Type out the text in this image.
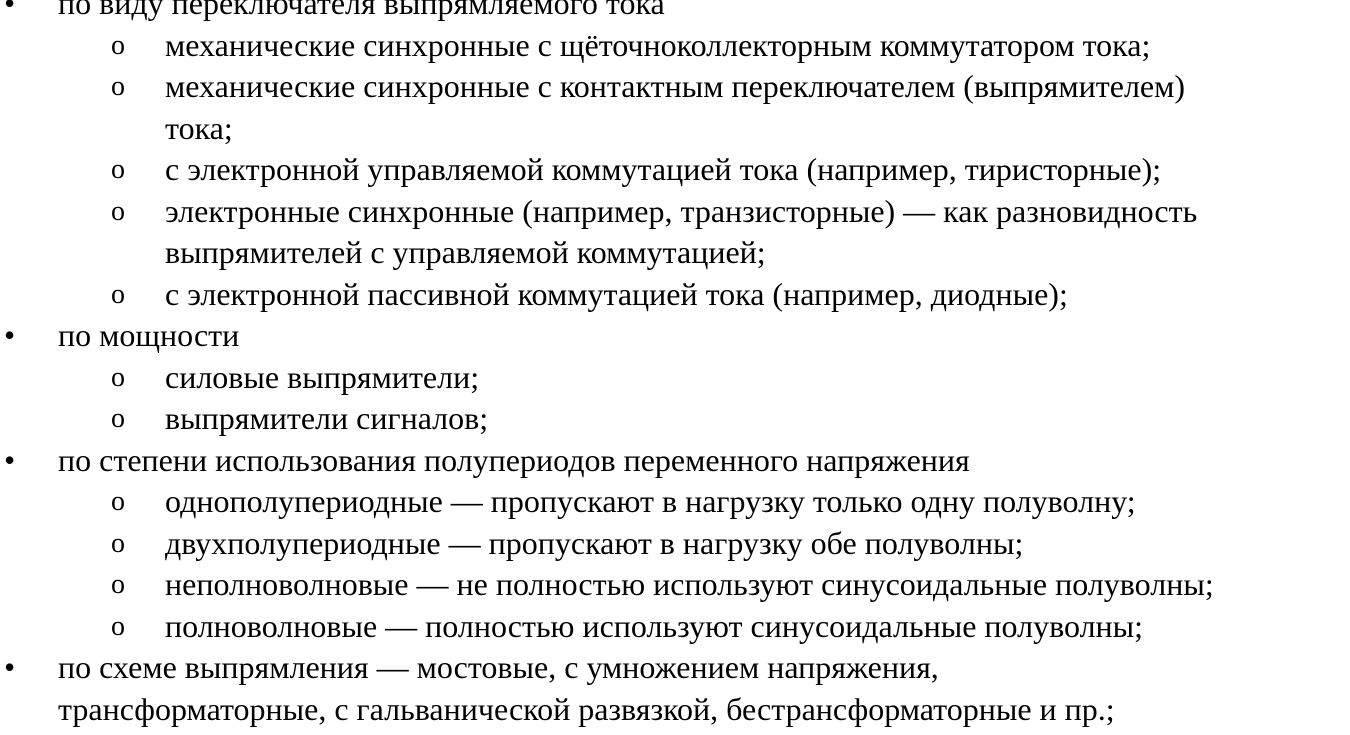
• по виду переключателя выпрямляемого тока
o механические синхронные с щёточноколлекторным коммутатором тока;
o механические синхронные с контактным переключателем (выпрямителем)
тока;
o с электронной управляемой коммутацией тока (например, тиристорные);
o электронные синхронные (например, транзисторные) — как разновидность
выпрямителей с управляемой коммутацией;
o с электронной пассивной коммутацией тока (например, диодные);
• по мощности
o силовые выпрямители;
o выпрямители сигналов;
• по степени использования полупериодов переменного напряжения
o однополупериодные — пропускают в нагрузку только одну полуволну;
o двухполупериодные — пропускают в нагрузку обе полуволны;
o неполноволновые — не полностью используют синусоидальные полуволны;
o полноволновые — полностью используют синусоидальные полуволны;
• по схеме выпрямления — мостовые, с умножением напряжения,
трансформаторные, с гальванической развязкой, бестрансформаторные и пр.;
